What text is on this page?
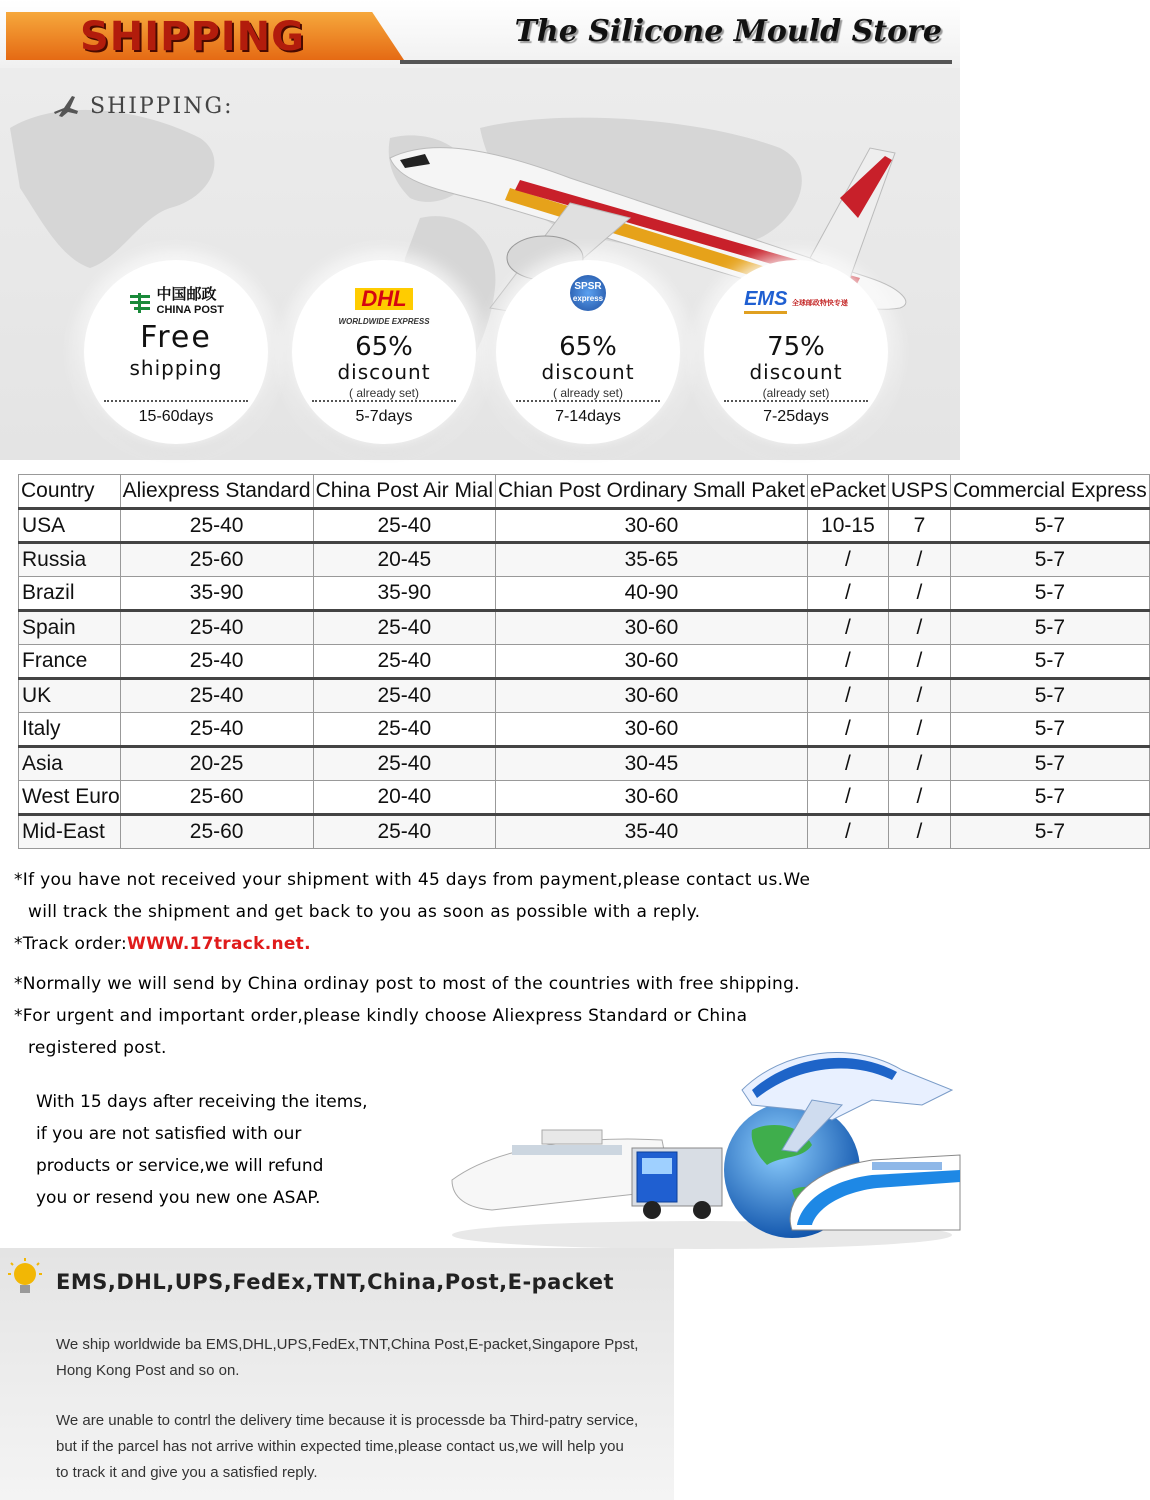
SHIPPING	The Silicone Mould Store
SHIPPING:
中国邮政
CHINA POST
Free
shipping
15-60days
DHL
WORLDWIDE EXPRESS
65%
discount
( already set)
5-7days
SPSR
express
65%
discount
( already set)
7-14days
EMS 全球邮政特快专递
75%
discount
(already set)
7-25days
Country	Aliexpress Standard	China Post Air Mial	Chian Post Ordinary Small Paket	ePacket	USPS	Commercial Express
USA	25-40	25-40	30-60	10-15	7	5-7
Russia	25-60	20-45	35-65	/	/	5-7
Brazil	35-90	35-90	40-90	/	/	5-7
Spain	25-40	25-40	30-60	/	/	5-7
France	25-40	25-40	30-60	/	/	5-7
UK	25-40	25-40	30-60	/	/	5-7
Italy	25-40	25-40	30-60	/	/	5-7
Asia	20-25	25-40	30-45	/	/	5-7
West Euro	25-60	20-40	30-60	/	/	5-7
Mid-East	25-60	25-40	35-40	/	/	5-7

*If you have not received your shipment with 45 days from payment,please contact us.We

will track the shipment and get back to you as soon as possible with a reply.

*Track order:WWW.17track.net.

*Normally we will send by China ordinay post to most of the countries with free shipping.

*For urgent and important order,please kindly choose Aliexpress Standard or China

registered post.

With 15 days after receiving the items,

if you are not satisfied with our

products or service,we will refund

you or resend you new one ASAP.

EMS,DHL,UPS,FedEx,TNT,China,Post,E-packet

We ship worldwide ba EMS,DHL,UPS,FedEx,TNT,China Post,E-packet,Singapore Ppst,

Hong Kong Post and so on.

We are unable to contrl the delivery time because it is processde ba Third-patry service,

but if the parcel has not arrive within expected time,please contact us,we will help you

to track it and give you a satisfied reply.
